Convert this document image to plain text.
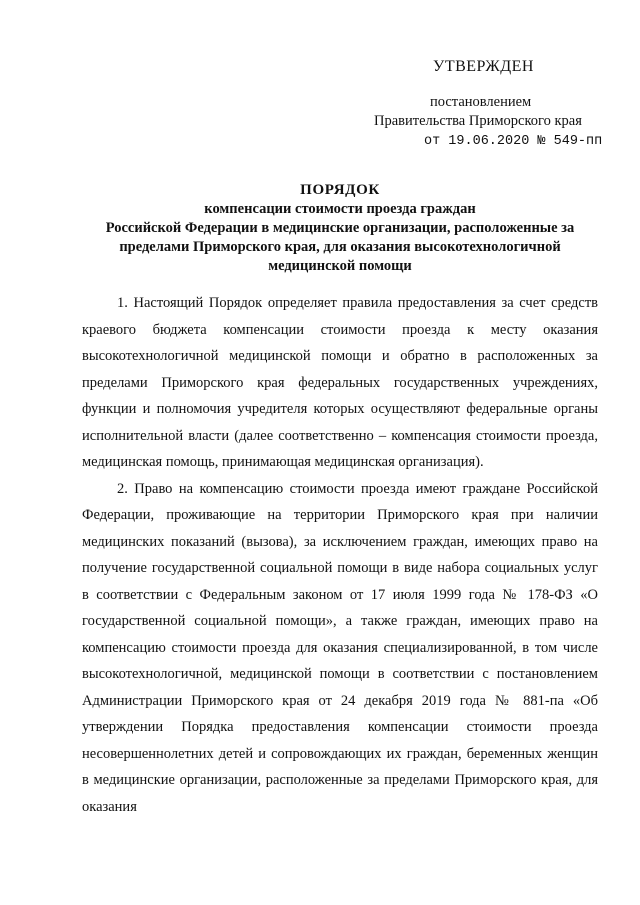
УТВЕРЖДЕН
постановлением
Правительства Приморского края
от 19.06.2020 № 549-пп
ПОРЯДОК
компенсации стоимости проезда граждан
Российской Федерации в медицинские организации, расположенные за
пределами Приморского края, для оказания высокотехнологичной
медицинской помощи

1. Настоящий Порядок определяет правила предоставления за счет средств краевого бюджета компенсации стоимости проезда к месту оказания высокотехнологичной медицинской помощи и обратно в расположенных за пределами Приморского края федеральных государственных учреждениях, функции и полномочия учредителя которых осуществляют федеральные органы исполнительной власти (далее соответственно – компенсация стоимости проезда, медицинская помощь, принимающая медицинская организация).

2. Право на компенсацию стоимости проезда имеют граждане Российской Федерации, проживающие на территории Приморского края при наличии медицинских показаний (вызова), за исключением граждан, имеющих право на получение государственной социальной помощи в виде набора социальных услуг в соответствии с Федеральным законом от 17 июля 1999 года № 178-ФЗ «О государственной социальной помощи», а также граждан, имеющих право на компенсацию стоимости проезда для оказания специализированной, в том числе высокотехнологичной, медицинской помощи в соответствии с постановлением Администрации Приморского края от 24 декабря 2019 года № 881-па «Об утверждении Порядка предоставления компенсации стоимости проезда несовершеннолетних детей и сопровождающих их граждан, беременных женщин в медицинские организации, расположенные за пределами Приморского края, для оказания
